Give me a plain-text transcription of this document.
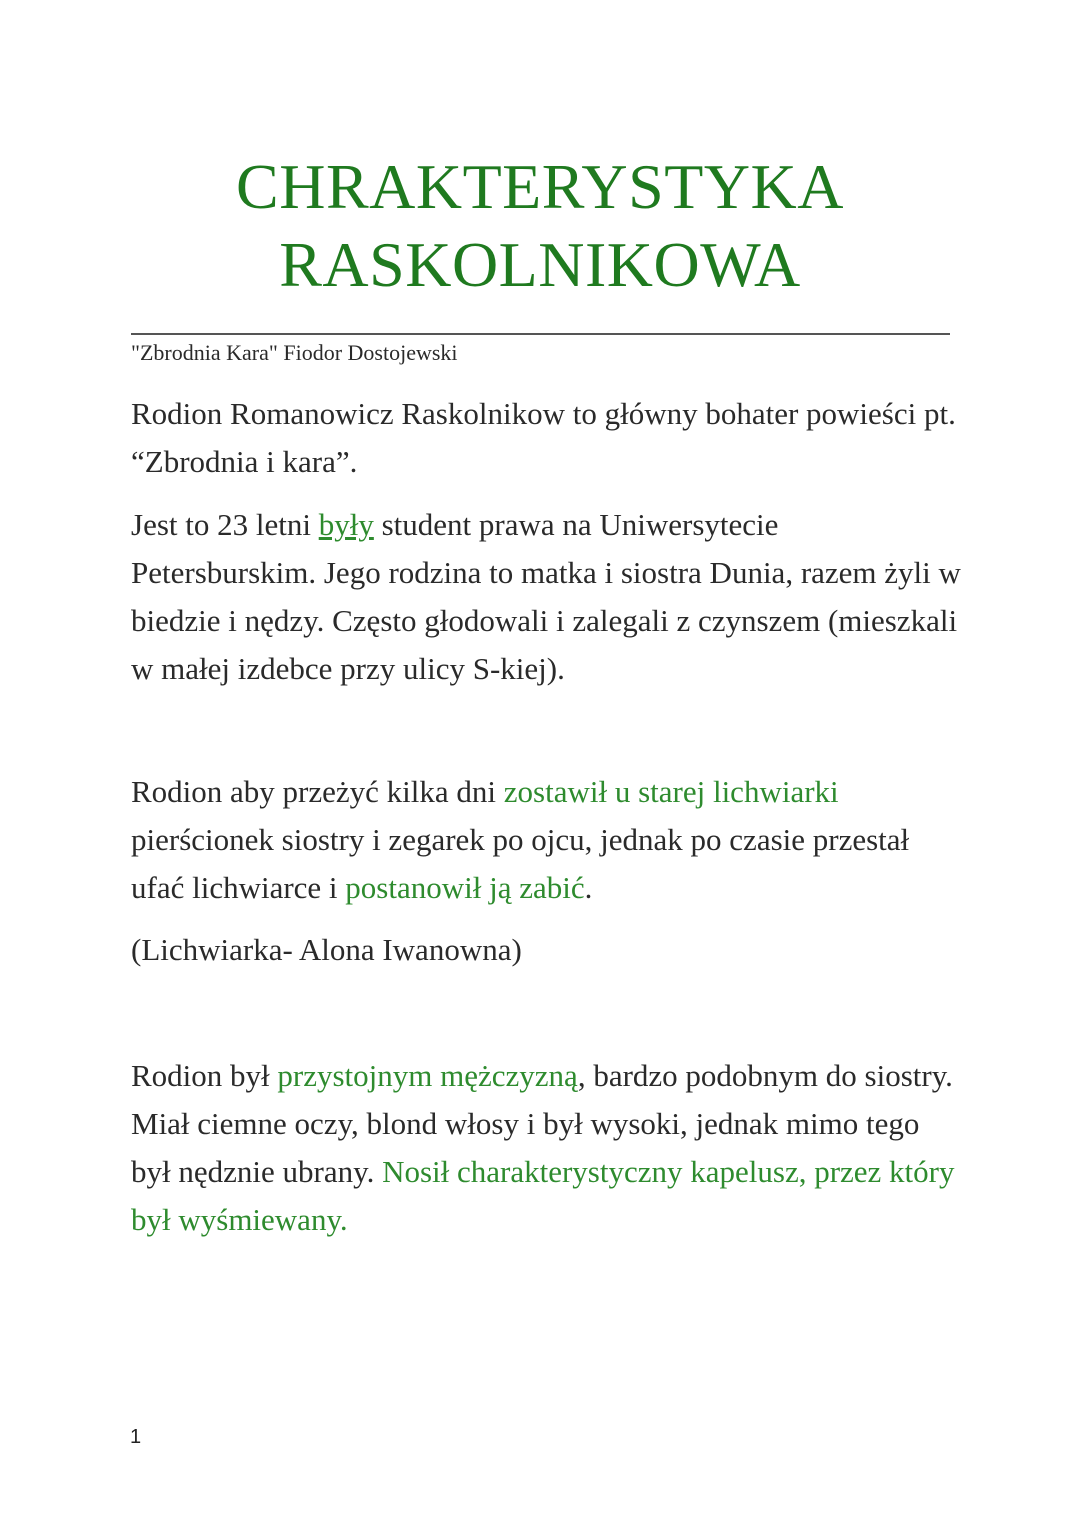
CHRAKTERYSTYKA
RASKOLNIKOWA
"Zbrodnia Kara" Fiodor Dostojewski

Rodion Romanowicz Raskolnikow to główny bohater powieści pt. “Zbrodnia i kara”.

Jest to 23 letni były student prawa na Uniwersytecie Petersburskim. Jego rodzina to matka i siostra Dunia, razem żyli w biedzie i nędzy. Często głodowali i zalegali z czynszem (mieszkali w małej izdebce przy ulicy S-kiej).

Rodion aby przeżyć kilka dni zostawił u starej lichwiarki pierścionek siostry i zegarek po ojcu, jednak po czasie przestał ufać lichwiarce i postanowił ją zabić.

(Lichwiarka- Alona Iwanowna)

Rodion był przystojnym mężczyzną, bardzo podobnym do siostry. Miał ciemne oczy, blond włosy i był wysoki, jednak mimo tego był nędznie ubrany. Nosił charakterystyczny kapelusz, przez który był wyśmiewany.

1
